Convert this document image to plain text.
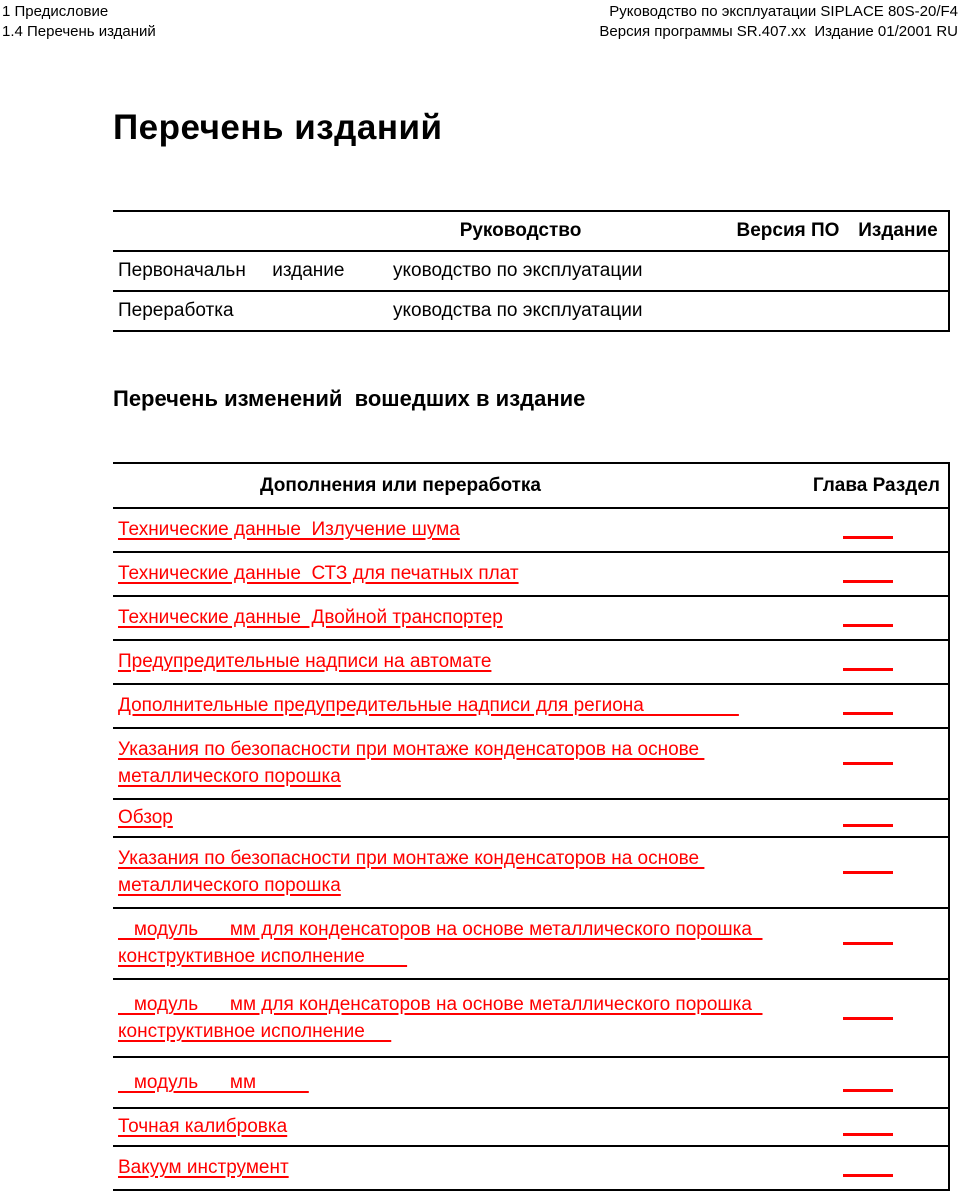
1 Предисловие
1.4 Перечень изданий
Руководство по эксплуатации SIPLACE 80S-20/F4
Версия программы SR.407.xx  Издание 01/2001 RU
Перечень изданий
Руководство	Версия ПО Издание
Первоначальн     издание	уководство по эксплуатации
Переработка	уководства по эксплуатации
Перечень изменений  вошедших в издание
Дополнения или переработка	Глава Раздел
Технические данные  Излучение шума
Технические данные  СТЗ для печатных плат
Технические данные  Двойной транспортер
Предупредительные надписи на автомате
Дополнительные предупредительные надписи для региона
Указания по безопасности при монтаже конденсаторов на основе
металлического порошка
Обзор
Указания по безопасности при монтаже конденсаторов на основе
металлического порошка
модуль      мм для конденсаторов на основе металлического порошка
конструктивное исполнение
модуль      мм для конденсаторов на основе металлического порошка
конструктивное исполнение
модуль      мм
Точная калибровка
Вакуум инструмент
